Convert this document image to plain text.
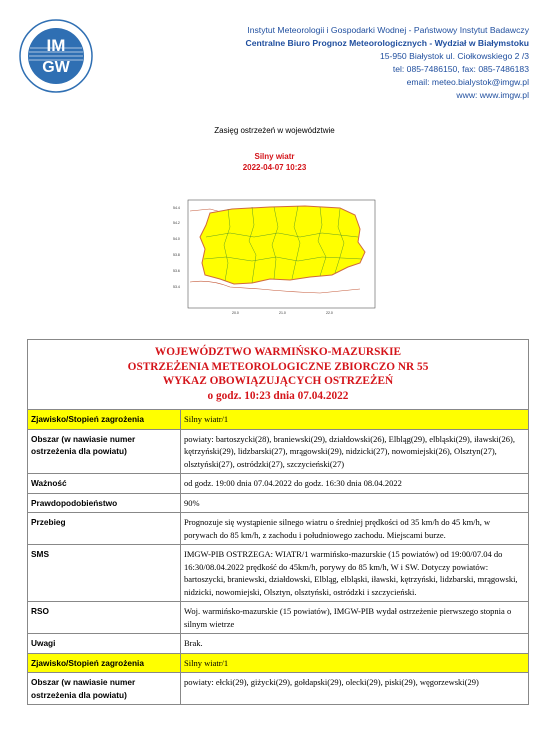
IM
GW
Instytut Meteorologii i Gospodarki Wodnej - Państwowy Instytut Badawczy
Centralne Biuro Prognoz Meteorologicznych - Wydział w Białymstoku
15-950 Białystok ul. Ciołkowskiego 2 /3
tel: 085-7486150, fax: 085-7486183
email: meteo.bialystok@imgw.pl
www: www.imgw.pl
Zasięg ostrzeżeń w województwie
Silny wiatr
2022-04-07 10:23
54.4
54.2
54.0
53.8
53.6
53.4
20.0	21.0	22.0
WOJEWÓDZTWO WARMIŃSKO-MAZURSKIE
OSTRZEŻENIA METEOROLOGICZNE ZBIORCZO NR 55
WYKAZ OBOWIĄZUJĄCYCH OSTRZEŻEŃ
o godz. 10:23 dnia 07.04.2022	

Zjawisko/Stopień zagrożenia	Silny wiatr/1
Obszar (w nawiasie numer ostrzeżenia dla powiatu)	powiaty: bartoszycki(28), braniewski(29), działdowski(26), Elbląg(29), elbląski(29), iławski(26), kętrzyński(29), lidzbarski(27), mrągowski(29), nidzicki(27), nowomiejski(26), Olsztyn(27), olsztyński(27), ostródzki(27), szczycieński(27)
Ważność	od godz. 19:00 dnia 07.04.2022 do godz. 16:30 dnia 08.04.2022
Prawdopodobieństwo	90%
Przebieg	Prognozuje się wystąpienie silnego wiatru o średniej prędkości od 35 km/h do 45 km/h, w porywach do 85 km/h, z zachodu i południowego zachodu. Miejscami burze.
SMS	IMGW-PIB OSTRZEGA: WIATR/1 warmińsko-mazurskie (15 powiatów) od 19:00/07.04 do 16:30/08.04.2022 prędkość do 45km/h, porywy do 85 km/h, W i SW. Dotyczy powiatów: bartoszycki, braniewski, działdowski, Elbląg, elbląski, iławski, kętrzyński, lidzbarski, mrągowski, nidzicki, nowomiejski, Olsztyn, olsztyński, ostródzki i szczycieński.
RSO	Woj. warmińsko-mazurskie (15 powiatów), IMGW-PIB wydał ostrzeżenie pierwszego stopnia o silnym wietrze
Uwagi	Brak.
Zjawisko/Stopień zagrożenia	Silny wiatr/1
Obszar (w nawiasie numer ostrzeżenia dla powiatu)	powiaty: ełcki(29), giżycki(29), gołdapski(29), olecki(29), piski(29), węgorzewski(29)
